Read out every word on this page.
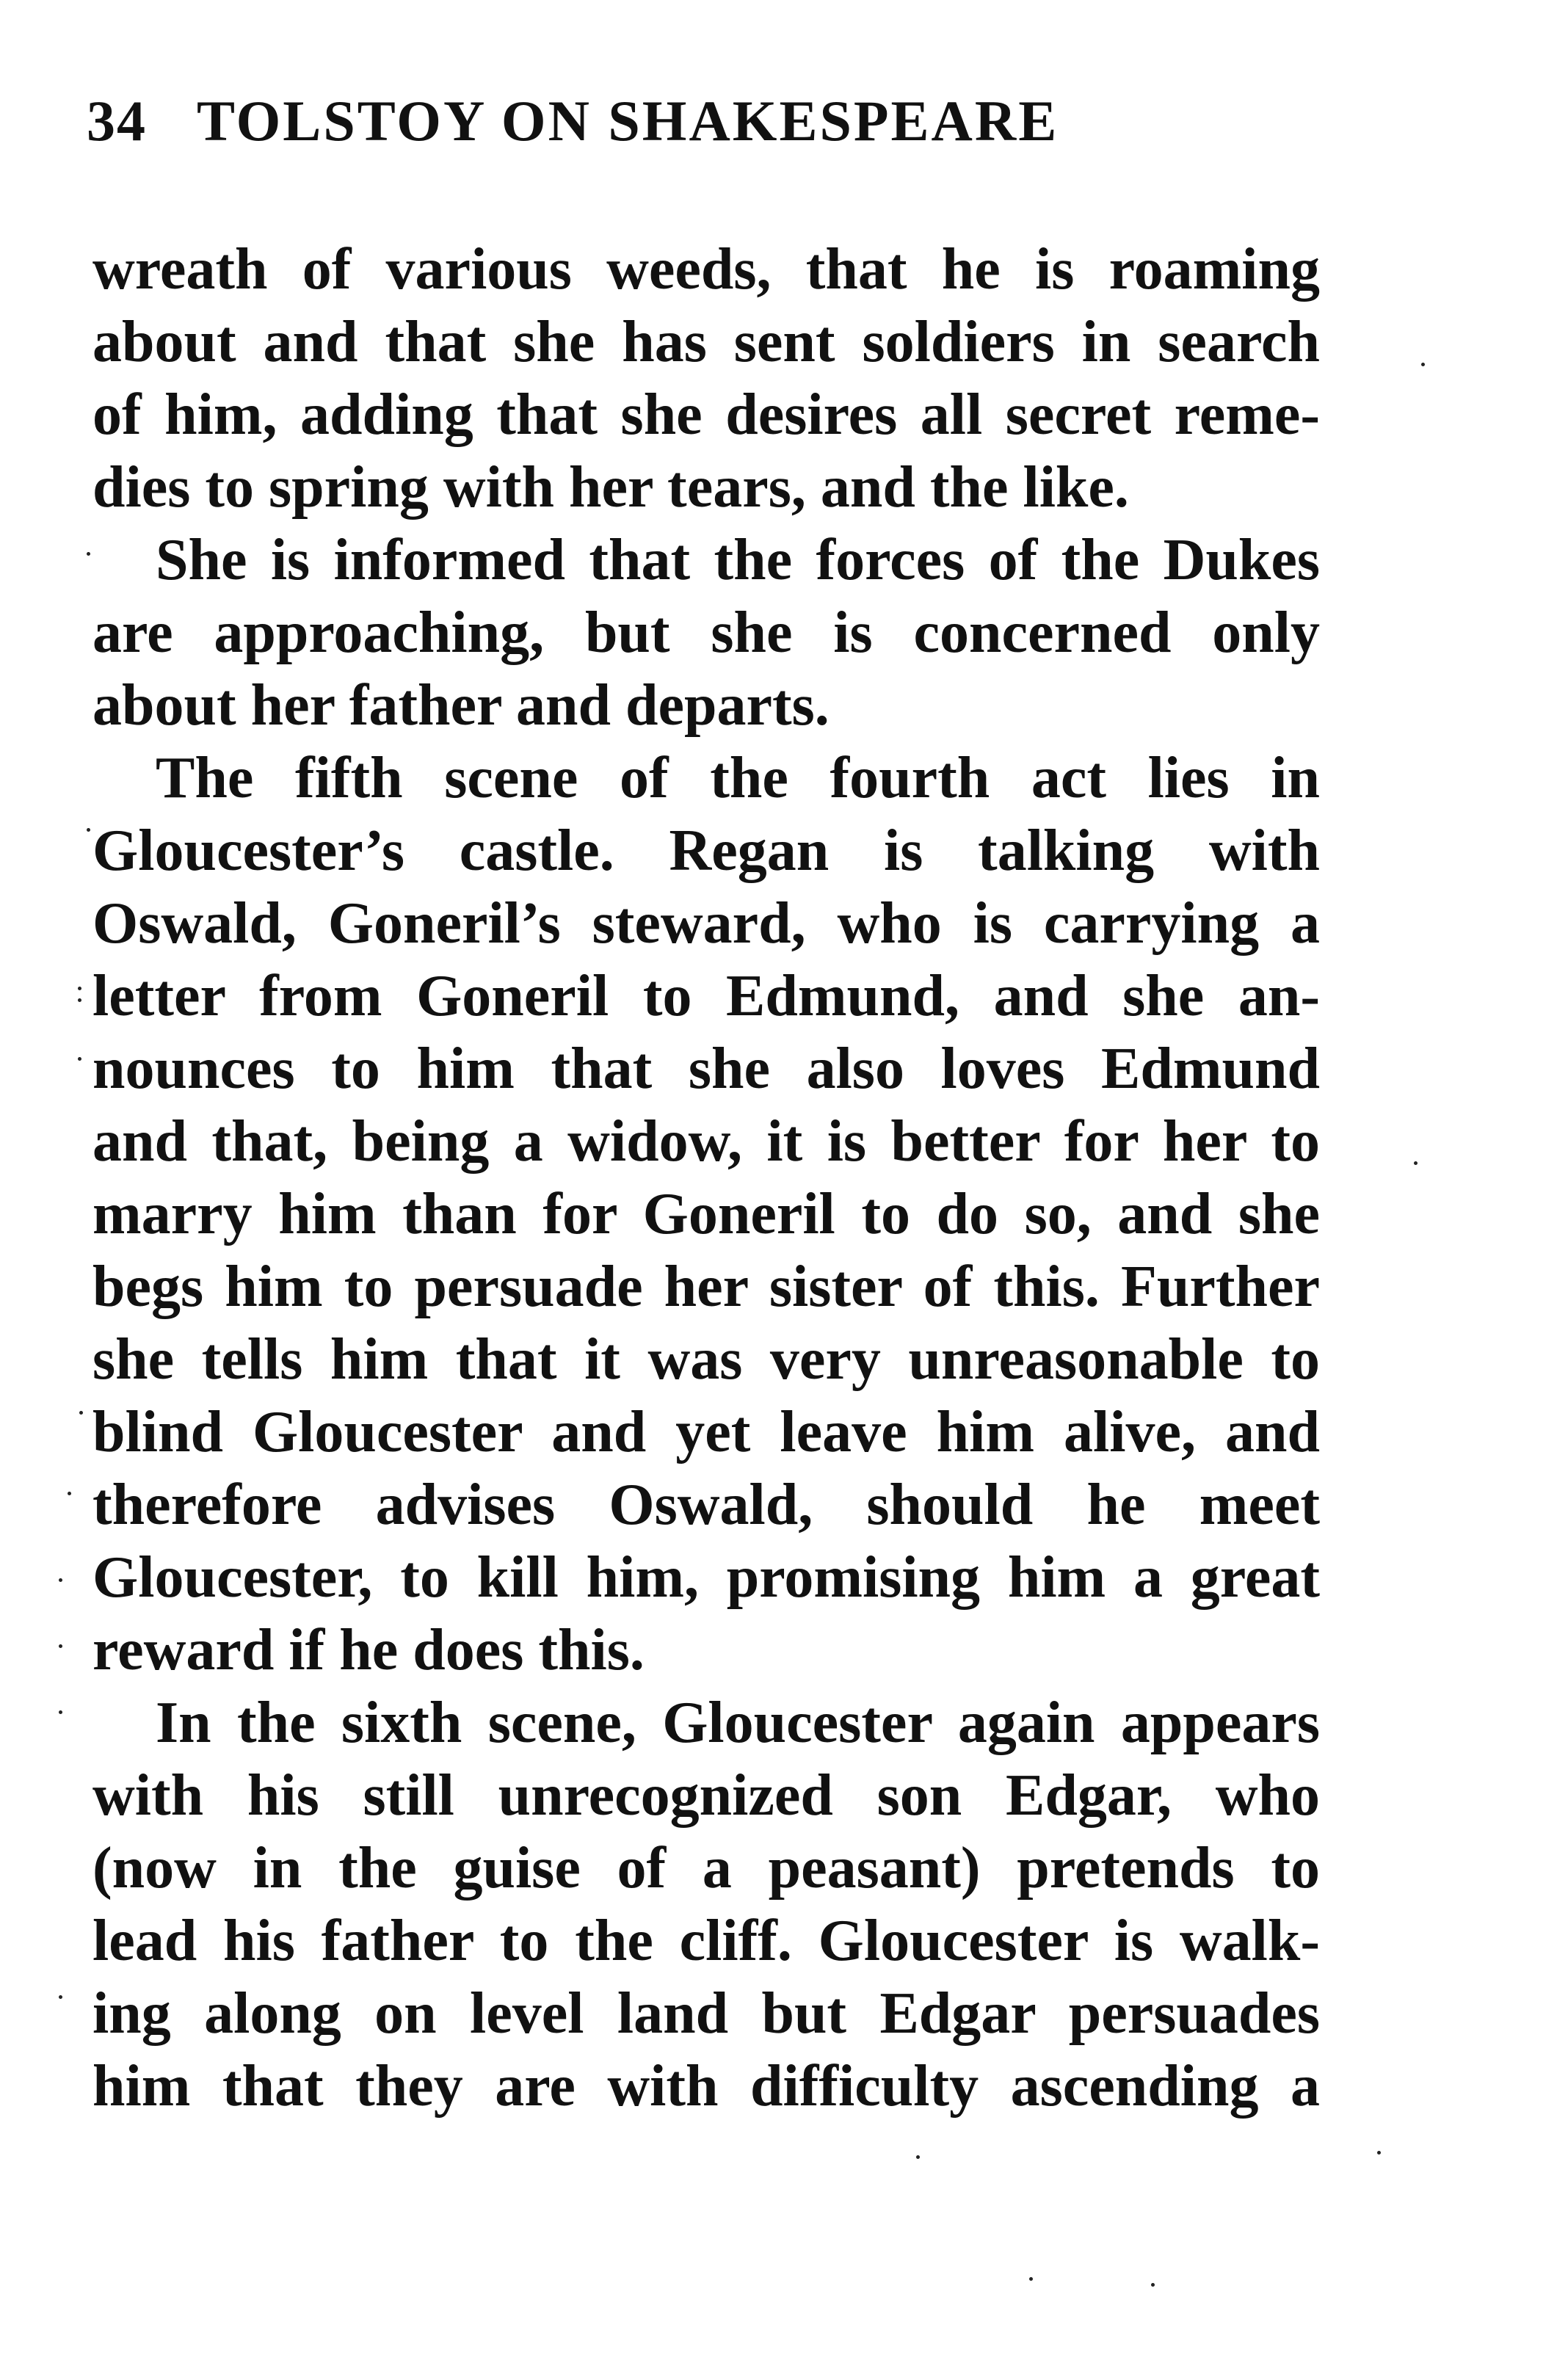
34 TOLSTOY ON SHAKESPEARE
wreath of various weeds, that he is roaming
about and that she has sent soldiers in search
of him, adding that she desires all secret reme-
dies to spring with her tears, and the like.
She is informed that the forces of the Dukes
are approaching, but she is concerned only
about her father and departs.
The fifth scene of the fourth act lies in
Gloucester’s castle. Regan is talking with
Oswald, Goneril’s steward, who is carrying a
letter from Goneril to Edmund, and she an-
nounces to him that she also loves Edmund
and that, being a widow, it is better for her to
marry him than for Goneril to do so, and she
begs him to persuade her sister of this. Further
she tells him that it was very unreasonable to
blind Gloucester and yet leave him alive, and
therefore advises Oswald, should he meet
Gloucester, to kill him, promising him a great
reward if he does this.
In the sixth scene, Gloucester again appears
with his still unrecognized son Edgar, who
(now in the guise of a peasant) pretends to
lead his father to the cliff. Gloucester is walk-
ing along on level land but Edgar persuades
him that they are with difficulty ascending a
